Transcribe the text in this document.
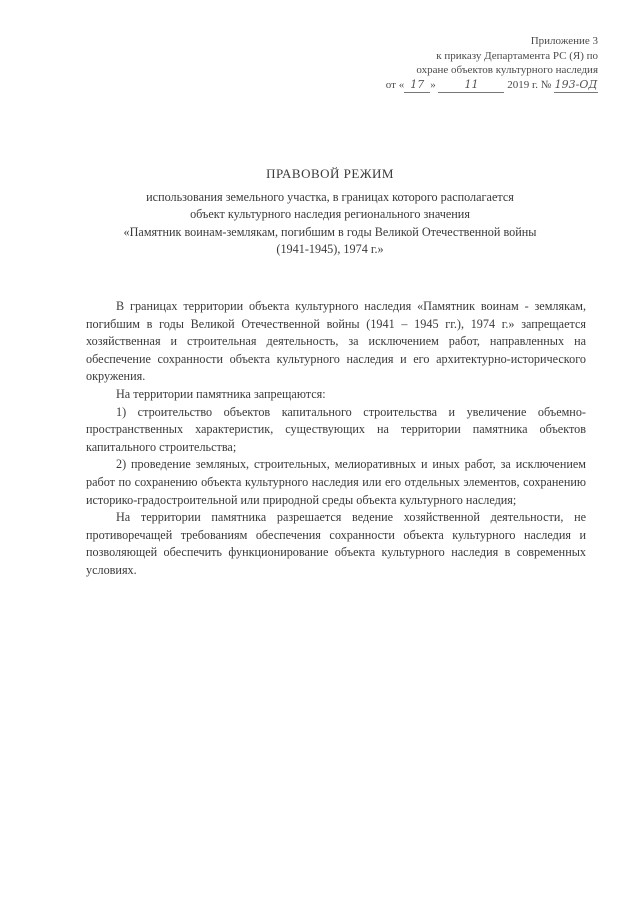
Приложение 3
к приказу Департамента РС (Я) по
охране объектов культурного наследия
от « 17 »	11	2019 г. № 193-ОД
ПРАВОВОЙ РЕЖИМ
использования земельного участка, в границах которого располагается
объект культурного наследия регионального значения
«Памятник воинам-землякам, погибшим в годы Великой Отечественной войны
(1941-1945), 1974 г.»

В границах территории объекта культурного наследия «Памятник воинам - землякам, погибшим в годы Великой Отечественной войны (1941 – 1945 гг.), 1974 г.» запрещается хозяйственная и строительная деятельность, за исключением работ, направленных на обеспечение сохранности объекта культурного наследия и его архитектурно-исторического окружения.

На территории памятника запрещаются:

1) строительство объектов капитального строительства и увеличение объемно-пространственных характеристик, существующих на территории памятника объектов капитального строительства;

2) проведение земляных, строительных, мелиоративных и иных работ, за исключением работ по сохранению объекта культурного наследия или его отдельных элементов, сохранению историко-градостроительной или природной среды объекта культурного наследия;

На территории памятника разрешается ведение хозяйственной деятельности, не противоречащей требованиям обеспечения сохранности объекта культурного наследия и позволяющей обеспечить функционирование объекта культурного наследия в современных условиях.
